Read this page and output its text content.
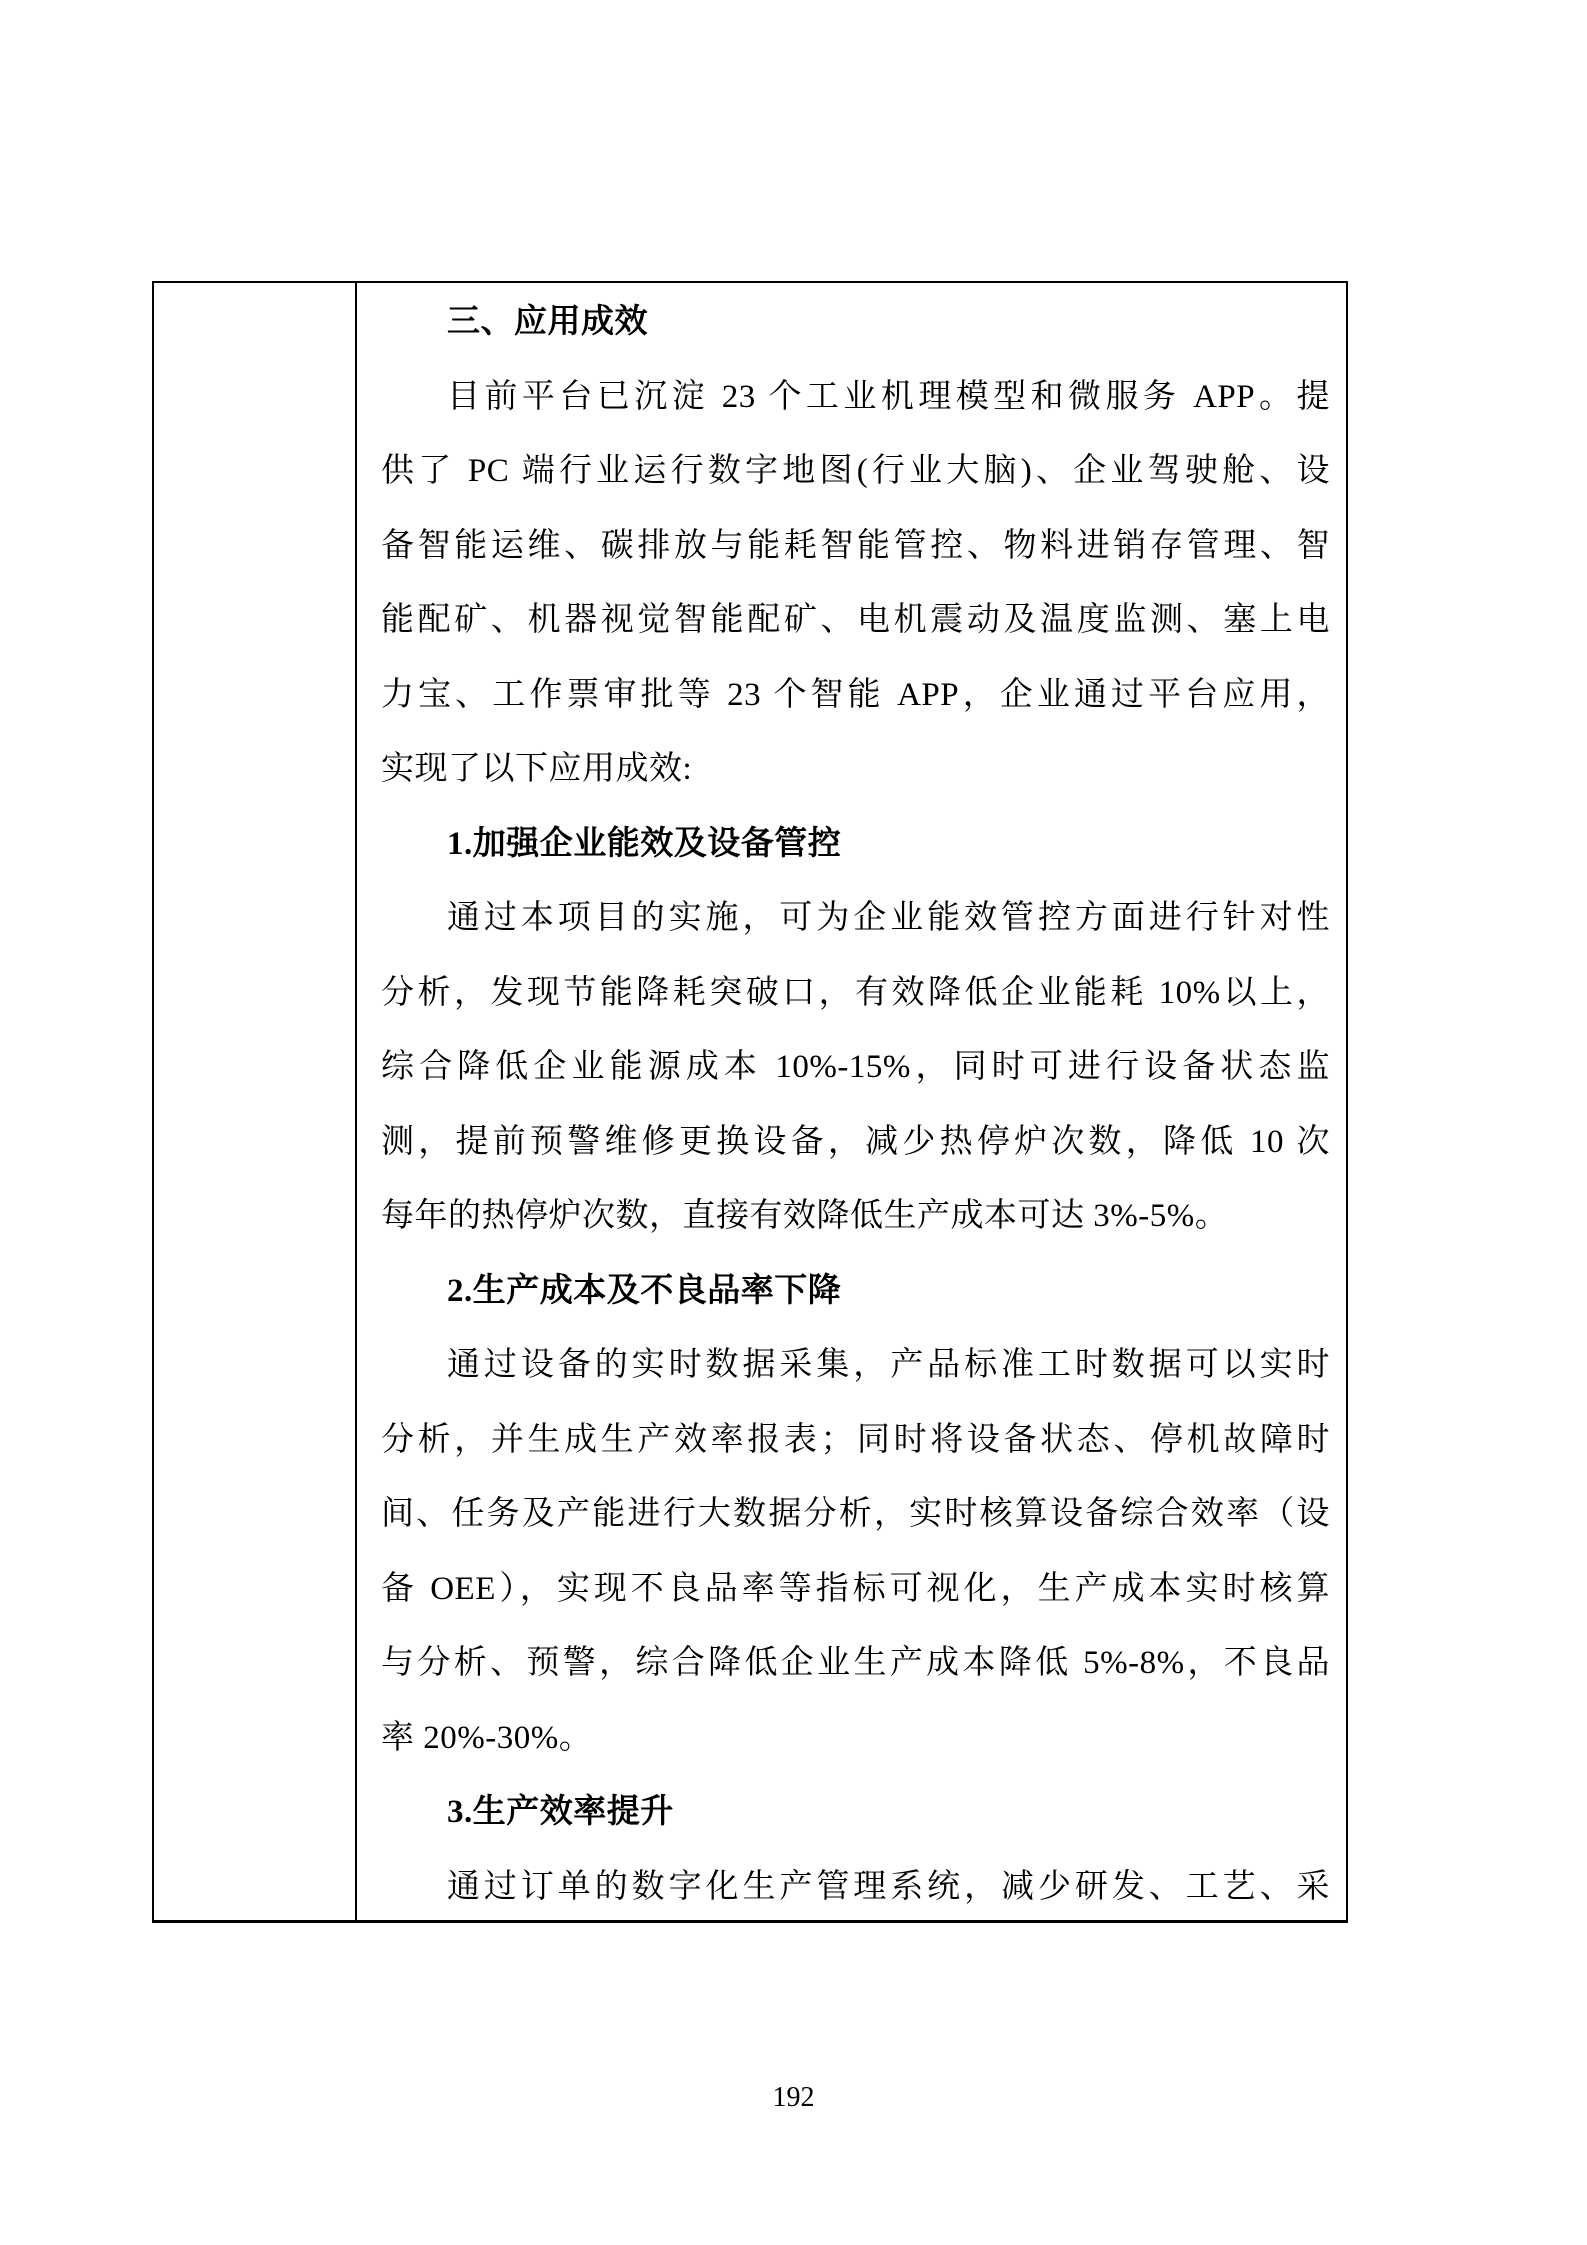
三、应用成效
目前平台已沉淀 23 个工业机理模型和微服务 APP。提
供了 PC 端行业运行数字地图(行业大脑)、企业驾驶舱、设
备智能运维、碳排放与能耗智能管控、物料进销存管理、智
能配矿、机器视觉智能配矿、电机震动及温度监测、塞上电
力宝、工作票审批等 23 个智能 APP，企业通过平台应用，
实现了以下应用成效:
1.加强企业能效及设备管控
通过本项目的实施，可为企业能效管控方面进行针对性
分析，发现节能降耗突破口，有效降低企业能耗 10%以上，
综合降低企业能源成本 10%-15%，同时可进行设备状态监
测，提前预警维修更换设备，减少热停炉次数，降低 10 次
每年的热停炉次数，直接有效降低生产成本可达 3%-5%。
2.生产成本及不良品率下降
通过设备的实时数据采集，产品标准工时数据可以实时
分析，并生成生产效率报表；同时将设备状态、停机故障时
间、任务及产能进行大数据分析，实时核算设备综合效率（设
备 OEE），实现不良品率等指标可视化，生产成本实时核算
与分析、预警，综合降低企业生产成本降低 5%-8%，不良品
率 20%-30%。
3.生产效率提升
通过订单的数字化生产管理系统，减少研发、工艺、采
192
